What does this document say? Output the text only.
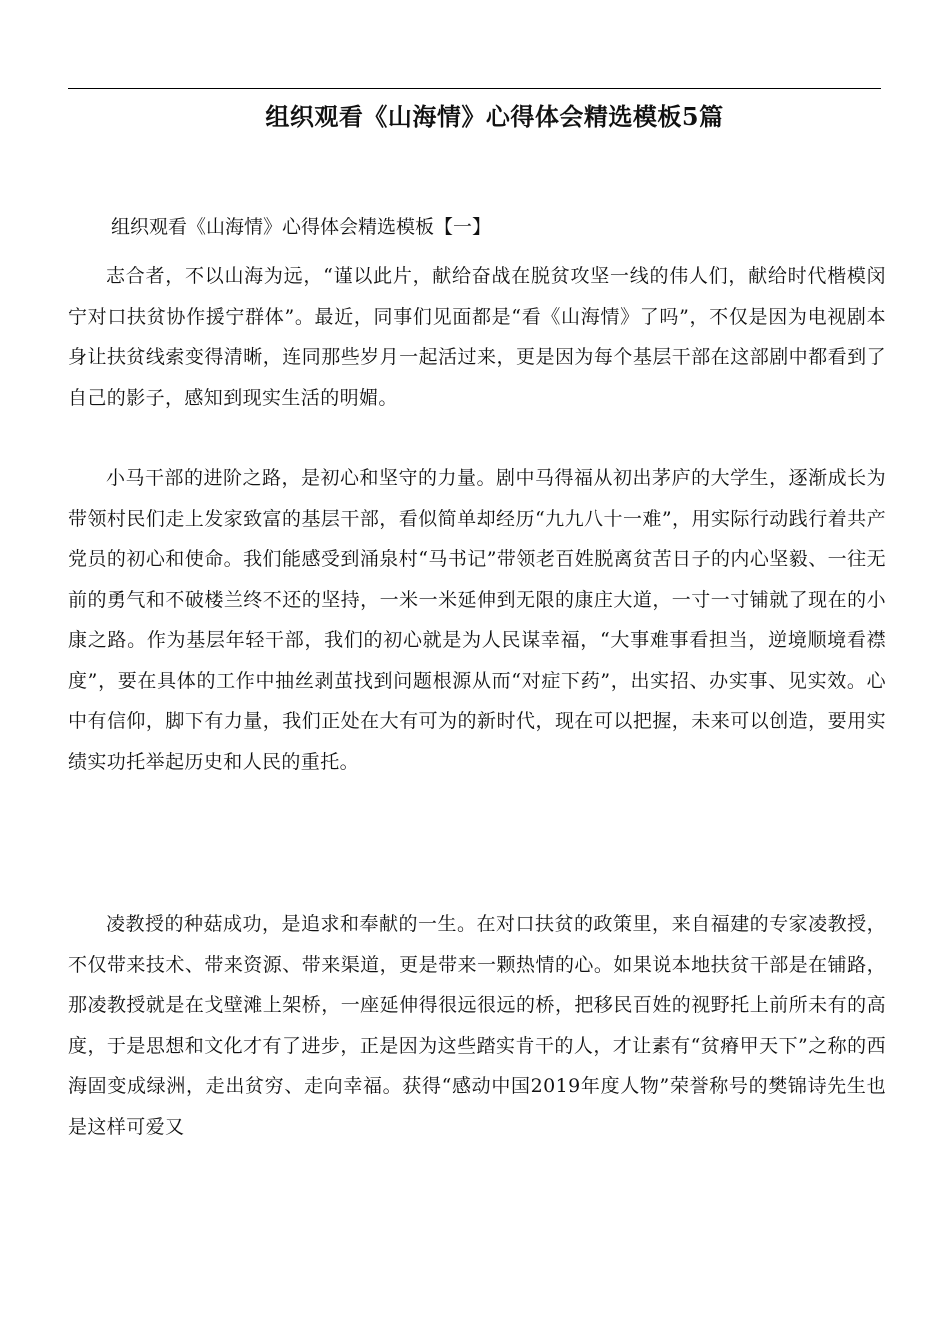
组织观看《山海情》心得体会精选模板5篇
组织观看《山海情》心得体会精选模板【一】

志合者，不以山海为远，“谨以此片，献给奋战在脱贫攻坚一线的伟人们，献给时代楷模闵宁对口扶贫协作援宁群体”。最近，同事们见面都是“看《山海情》了吗”，不仅是因为电视剧本身让扶贫线索变得清晰，连同那些岁月一起活过来，更是因为每个基层干部在这部剧中都看到了自己的影子，感知到现实生活的明媚。

小马干部的进阶之路，是初心和坚守的力量。剧中马得福从初出茅庐的大学生，逐渐成长为带领村民们走上发家致富的基层干部，看似简单却经历“九九八十一难”，用实际行动践行着共产党员的初心和使命。我们能感受到涌泉村“马书记”带领老百姓脱离贫苦日子的内心坚毅、一往无前的勇气和不破楼兰终不还的坚持，一米一米延伸到无限的康庄大道，一寸一寸铺就了现在的小康之路。作为基层年轻干部，我们的初心就是为人民谋幸福，“大事难事看担当，逆境顺境看襟度”，要在具体的工作中抽丝剥茧找到问题根源从而“对症下药”，出实招、办实事、见实效。心中有信仰，脚下有力量，我们正处在大有可为的新时代，现在可以把握，未来可以创造，要用实绩实功托举起历史和人民的重托。

凌教授的种菇成功，是追求和奉献的一生。在对口扶贫的政策里，来自福建的专家凌教授，不仅带来技术、带来资源、带来渠道，更是带来一颗热情的心。如果说本地扶贫干部是在铺路，那凌教授就是在戈壁滩上架桥，一座延伸得很远很远的桥，把移民百姓的视野托上前所未有的高度，于是思想和文化才有了进步，正是因为这些踏实肯干的人，才让素有“贫瘠甲天下”之称的西海固变成绿洲，走出贫穷、走向幸福。获得“感动中国2019年度人物”荣誉称号的樊锦诗先生也是这样可爱又
